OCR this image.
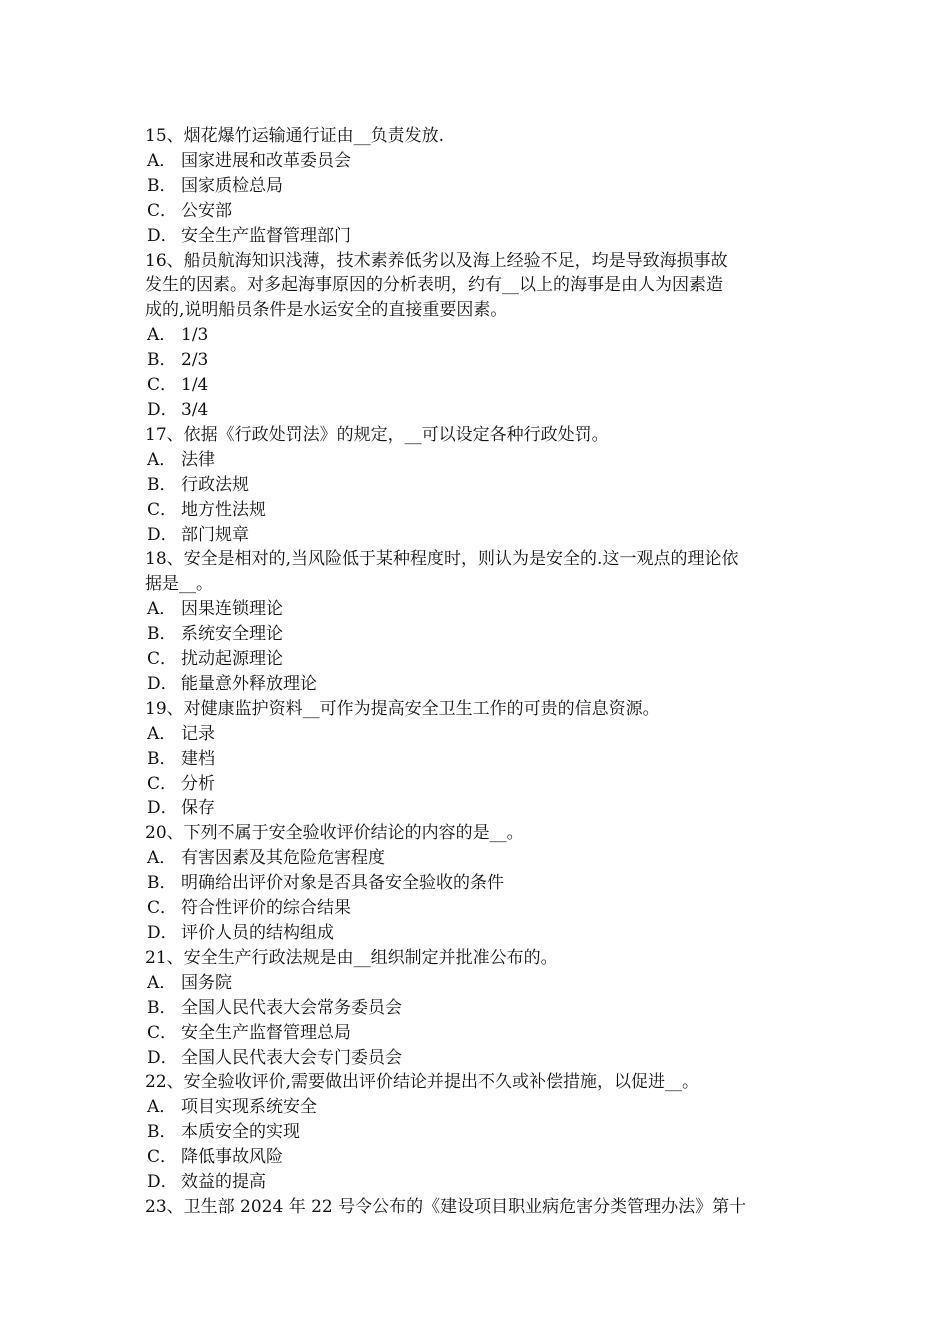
15、烟花爆竹运输通行证由__负责发放.

A． 国家进展和改革委员会

B． 国家质检总局

C． 公安部

D． 安全生产监督管理部门

16、船员航海知识浅薄，技术素养低劣以及海上经验不足，均是导致海损事故

发生的因素。对多起海事原因的分析表明，约有__以上的海事是由人为因素造

成的,说明船员条件是水运安全的直接重要因素。

A． 1/3

B． 2/3

C． 1/4

D． 3/4

17、依据《行政处罚法》的规定，__可以设定各种行政处罚。

A． 法律

B． 行政法规

C． 地方性法规

D． 部门规章

18、安全是相对的,当风险低于某种程度时，则认为是安全的.这一观点的理论依

据是__。

A． 因果连锁理论

B． 系统安全理论

C． 扰动起源理论

D． 能量意外释放理论

19、对健康监护资料__可作为提高安全卫生工作的可贵的信息资源。

A． 记录

B． 建档

C． 分析

D． 保存

20、下列不属于安全验收评价结论的内容的是__。

A． 有害因素及其危险危害程度

B． 明确给出评价对象是否具备安全验收的条件

C． 符合性评价的综合结果

D． 评价人员的结构组成

21、安全生产行政法规是由__组织制定并批准公布的。

A． 国务院

B． 全国人民代表大会常务委员会

C． 安全生产监督管理总局

D． 全国人民代表大会专门委员会

22、安全验收评价,需要做出评价结论并提出不久或补偿措施，以促进__。

A． 项目实现系统安全

B． 本质安全的实现

C． 降低事故风险

D． 效益的提高

23、卫生部 2024 年 22 号令公布的《建设项目职业病危害分类管理办法》第十
